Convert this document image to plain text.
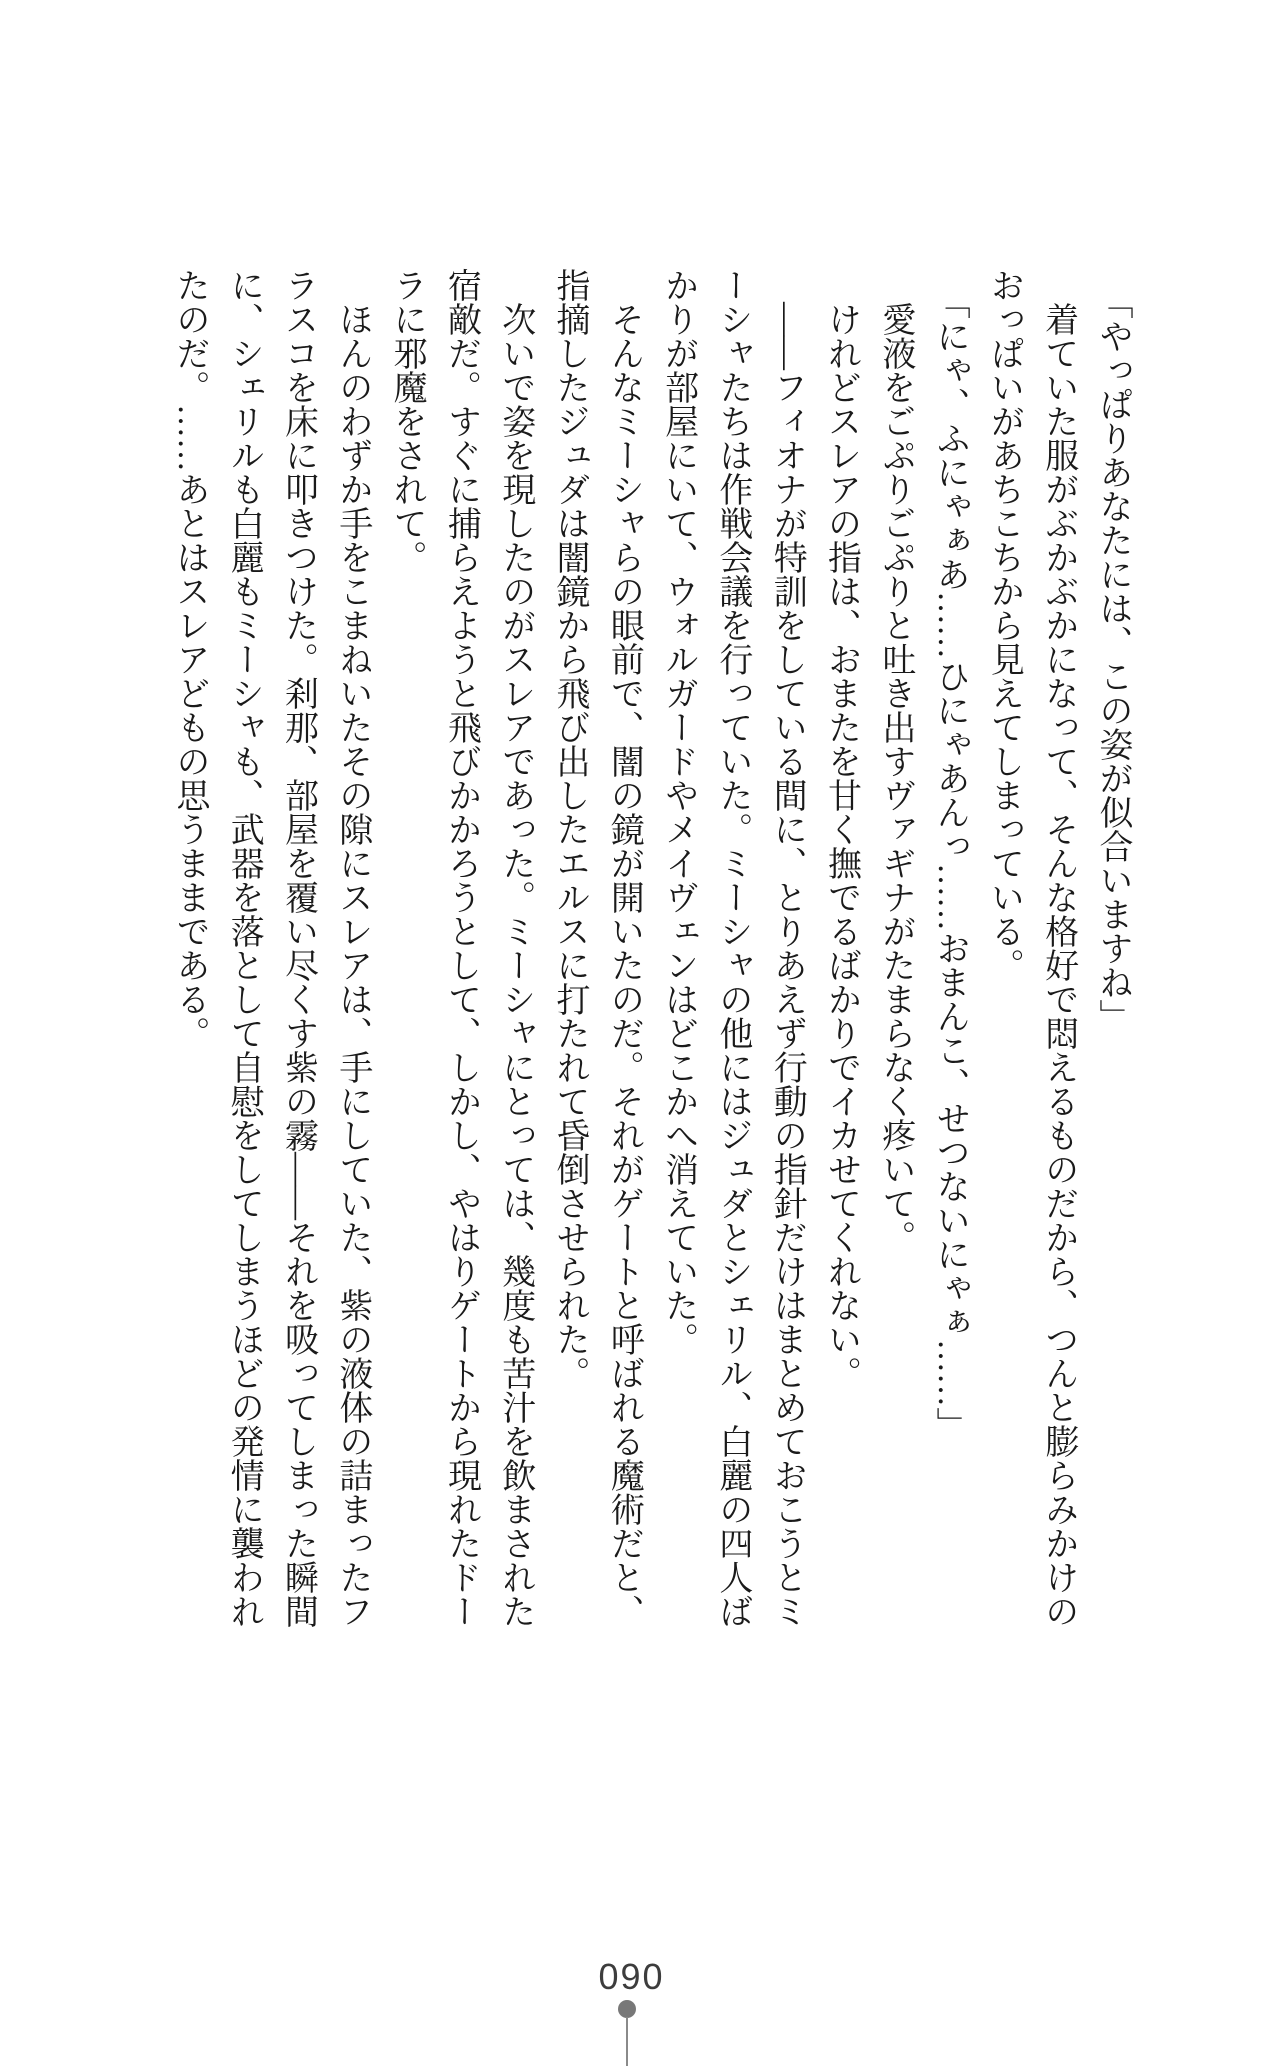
「やっぱりあなたには、この姿が似合いますね」

着ていた服がぶかぶかになって、そんな格好で悶えるものだから、つんと膨らみかけのおっぱいがあちこちから見えてしまっている。

「にゃ、ふにゃぁあ……ひにゃあんっ……おまんこ、せつないにゃぁ……」

愛液をごぷりごぷりと吐き出すヴァギナがたまらなく疼いて。

けれどスレアの指は、おまたを甘く撫でるばかりでイカせてくれない。

――フィオナが特訓をしている間に、とりあえず行動の指針だけはまとめておこうとミーシャたちは作戦会議を行っていた。ミーシャの他にはジュダとシェリル、白麗の四人ばかりが部屋にいて、ウォルガードやメイヴェンはどこかへ消えていた。

そんなミーシャらの眼前で、闇の鏡が開いたのだ。それがゲートと呼ばれる魔術だと、指摘したジュダは闇鏡から飛び出したエルスに打たれて昏倒させられた。

次いで姿を現したのがスレアであった。ミーシャにとっては、幾度も苦汁を飲まされた宿敵だ。すぐに捕らえようと飛びかかろうとして、しかし、やはりゲートから現れたドーラに邪魔をされて。

ほんのわずか手をこまねいたその隙にスレアは、手にしていた、紫の液体の詰まったフラスコを床に叩きつけた。刹那、部屋を覆い尽くす紫の霧――それを吸ってしまった瞬間に、シェリルも白麗もミーシャも、武器を落として自慰をしてしまうほどの発情に襲われたのだ。……あとはスレアどもの思うままである。

090
